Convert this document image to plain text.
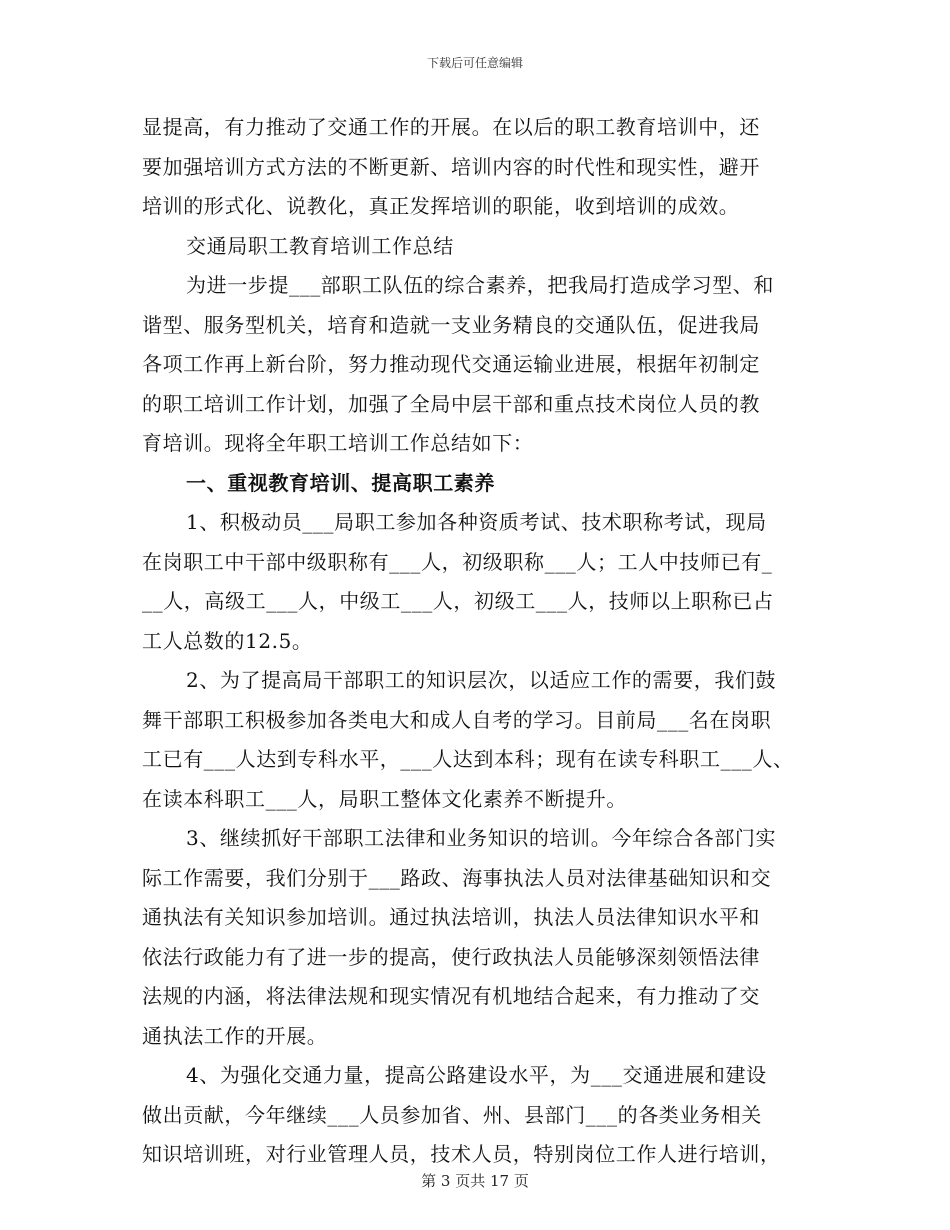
下载后可任意编辑
显提高，有力推动了交通工作的开展。在以后的职工教育培训中，还
要加强培训方式方法的不断更新、培训内容的时代性和现实性，避开
培训的形式化、说教化，真正发挥培训的职能，收到培训的成效。
交通局职工教育培训工作总结
为进一步提___部职工队伍的综合素养，把我局打造成学习型、和
谐型、服务型机关，培育和造就一支业务精良的交通队伍，促进我局
各项工作再上新台阶，努力推动现代交通运输业进展，根据年初制定
的职工培训工作计划，加强了全局中层干部和重点技术岗位人员的教
育培训。现将全年职工培训工作总结如下：
一、重视教育培训、提高职工素养
1、积极动员___局职工参加各种资质考试、技术职称考试，现局
在岗职工中干部中级职称有___人，初级职称___人；工人中技师已有_
__人，高级工___人，中级工___人，初级工___人，技师以上职称已占
工人总数的12.5。
2、为了提高局干部职工的知识层次，以适应工作的需要，我们鼓
舞干部职工积极参加各类电大和成人自考的学习。目前局___名在岗职
工已有___人达到专科水平，___人达到本科；现有在读专科职工___人、
在读本科职工___人，局职工整体文化素养不断提升。
3、继续抓好干部职工法律和业务知识的培训。今年综合各部门实
际工作需要，我们分别于___路政、海事执法人员对法律基础知识和交
通执法有关知识参加培训。通过执法培训，执法人员法律知识水平和
依法行政能力有了进一步的提高，使行政执法人员能够深刻领悟法律
法规的内涵，将法律法规和现实情况有机地结合起来，有力推动了交
通执法工作的开展。
4、为强化交通力量，提高公路建设水平，为___交通进展和建设
做出贡献，今年继续___人员参加省、州、县部门___的各类业务相关
知识培训班，对行业管理人员，技术人员，特别岗位工作人进行培训，
第 3 页共 17 页
